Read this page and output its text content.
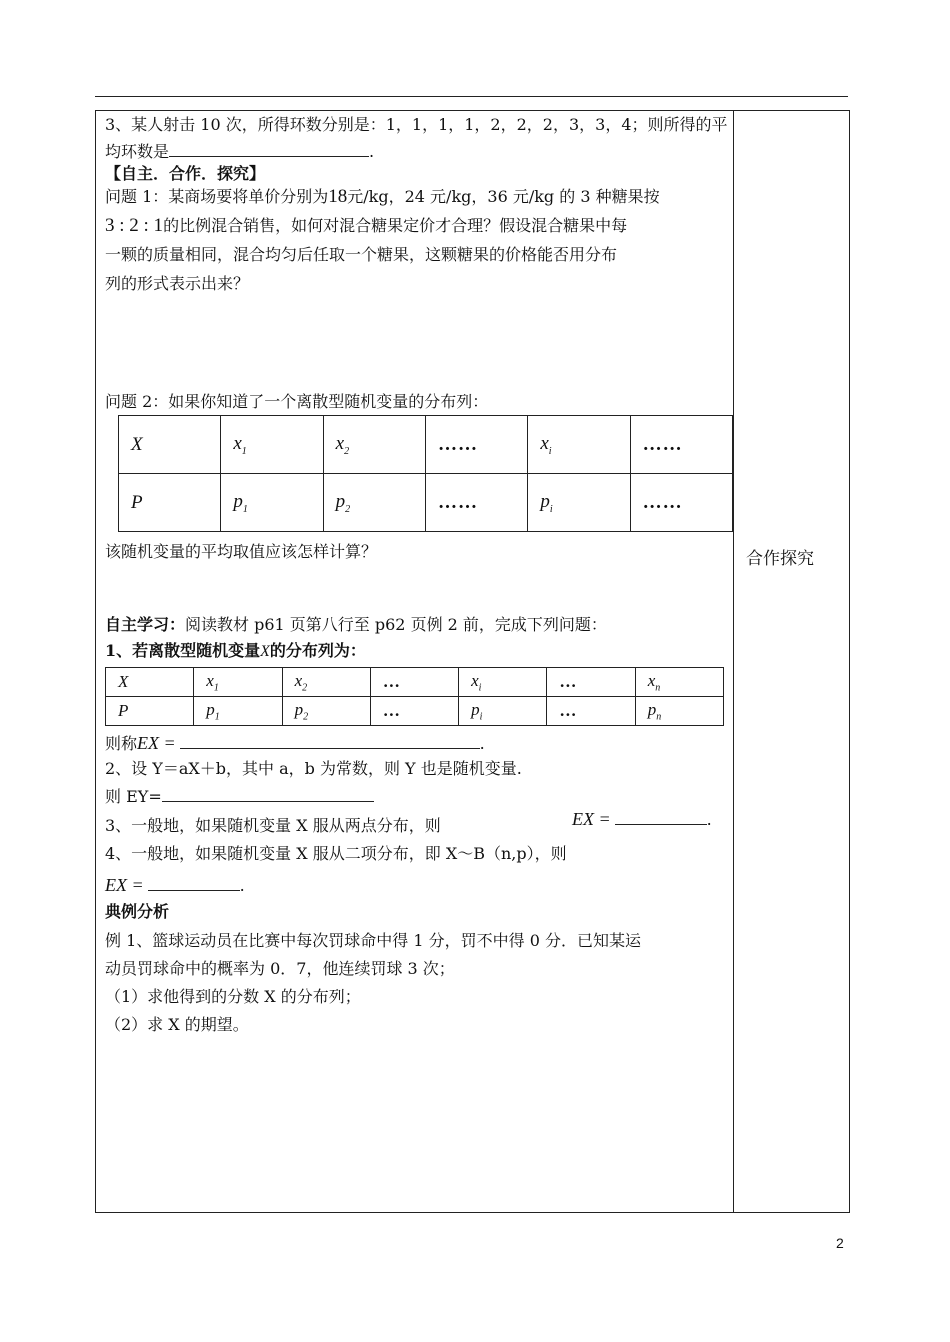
合作探究
3、某人射击 10 次，所得环数分别是：1，1，1，1，2，2，2，3，3，4；则所得的平
均环数是	.
【自主．合作．探究】
问题 1：某商场要将单价分别为18元/kg，24 元/kg，36 元/kg 的 3 种糖果按
3 : 2 : 1的比例混合销售，如何对混合糖果定价才合理？假设混合糖果中每
一颗的质量相同，混合均匀后任取一个糖果，这颗糖果的价格能否用分布
列的形式表示出来？
问题 2：如果你知道了一个离散型随机变量的分布列：
X	$x_1$	$x_2$	……	$x_i$	……
P	$p_1$	$p_2$	……	$p_i$	……
该随机变量的平均取值应该怎样计算？
自主学习：阅读教材 p61 页第八行至 p62 页例 2 前，完成下列问题：
1、若离散型随机变量X的分布列为：
X	$x_1$	$x_2$	…	$x_i$	…	$x_n$
P	$p_1$	$p_2$	…	$p_i$	…	$p_n$
则称EX =	.
2、设 Y＝aX＋b，其中 a，b 为常数，则 Y 也是随机变量.
则 EY=
3、一般地，如果随机变量 X 服从两点分布，则	EX =	.
4、一般地，如果随机变量 X 服从二项分布，即 X～B（n,p），则
EX =	.
典例分析
例 1、篮球运动员在比赛中每次罚球命中得 1 分，罚不中得 0 分．已知某运
动员罚球命中的概率为 0．7，他连续罚球 3 次；
（1）求他得到的分数 X 的分布列；
（2）求 X 的期望。
2
